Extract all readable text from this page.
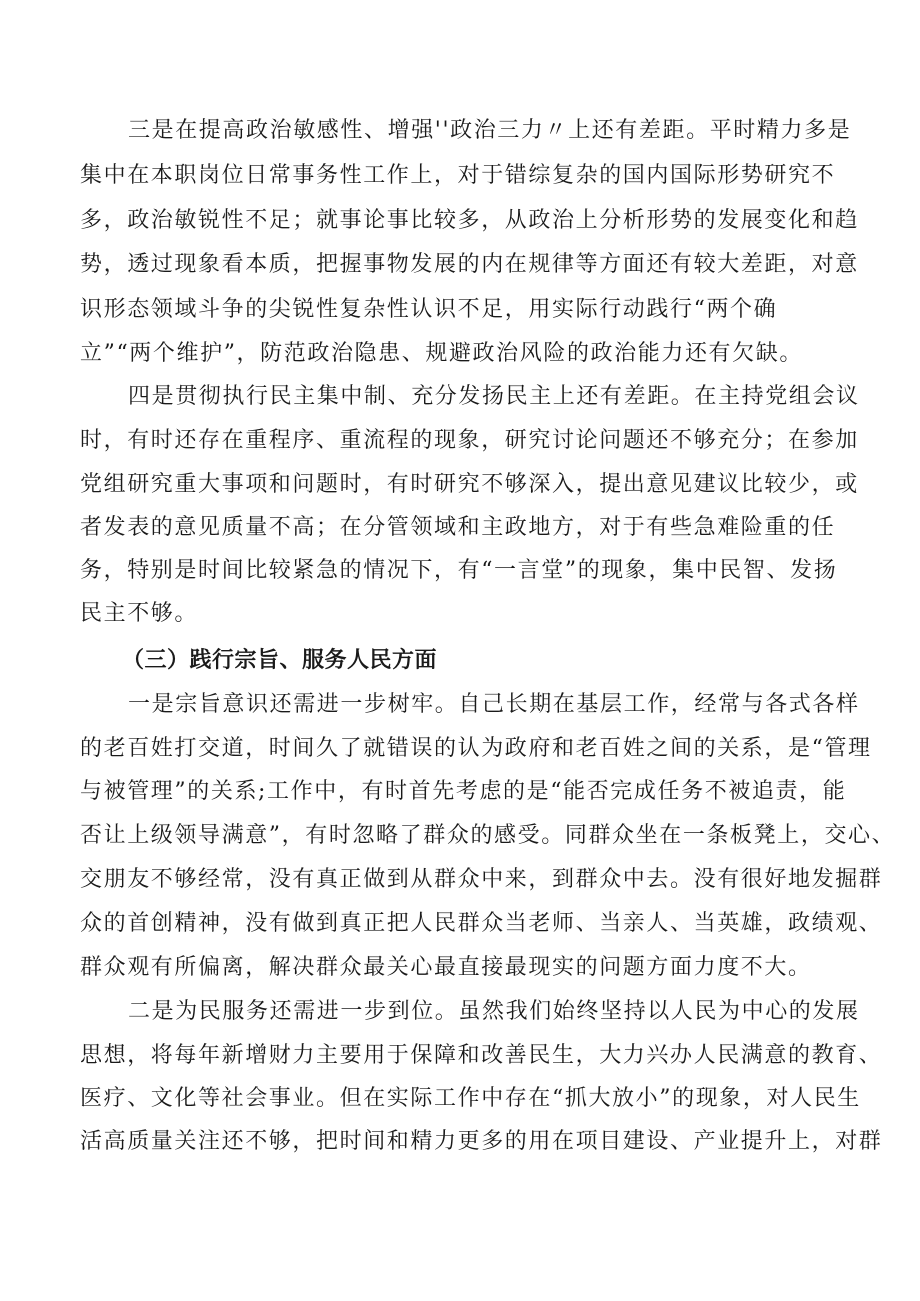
三是在提高政治敏感性、增强''政治三力〃上还有差距。平时精力多是
集中在本职岗位日常事务性工作上，对于错综复杂的国内国际形势研究不
多，政治敏锐性不足；就事论事比较多，从政治上分析形势的发展变化和趋
势，透过现象看本质，把握事物发展的内在规律等方面还有较大差距，对意
识形态领域斗争的尖锐性复杂性认识不足，用实际行动践行“两个确
立”“两个维护”，防范政治隐患、规避政治风险的政治能力还有欠缺。
四是贯彻执行民主集中制、充分发扬民主上还有差距。在主持党组会议
时，有时还存在重程序、重流程的现象，研究讨论问题还不够充分；在参加
党组研究重大事项和问题时，有时研究不够深入，提出意见建议比较少，或
者发表的意见质量不高；在分管领域和主政地方，对于有些急难险重的任
务，特别是时间比较紧急的情况下，有“一言堂”的现象，集中民智、发扬
民主不够。
（三）践行宗旨、服务人民方面
一是宗旨意识还需进一步树牢。自己长期在基层工作，经常与各式各样
的老百姓打交道，时间久了就错误的认为政府和老百姓之间的关系，是“管理
与被管理”的关系;工作中，有时首先考虑的是“能否完成任务不被追责，能
否让上级领导满意”，有时忽略了群众的感受。同群众坐在一条板凳上，交心、
交朋友不够经常，没有真正做到从群众中来，到群众中去。没有很好地发掘群
众的首创精神，没有做到真正把人民群众当老师、当亲人、当英雄，政绩观、
群众观有所偏离，解决群众最关心最直接最现实的问题方面力度不大。
二是为民服务还需进一步到位。虽然我们始终坚持以人民为中心的发展
思想，将每年新增财力主要用于保障和改善民生，大力兴办人民满意的教育、
医疗、文化等社会事业。但在实际工作中存在“抓大放小”的现象，对人民生
活高质量关注还不够，把时间和精力更多的用在项目建设、产业提升上，对群
